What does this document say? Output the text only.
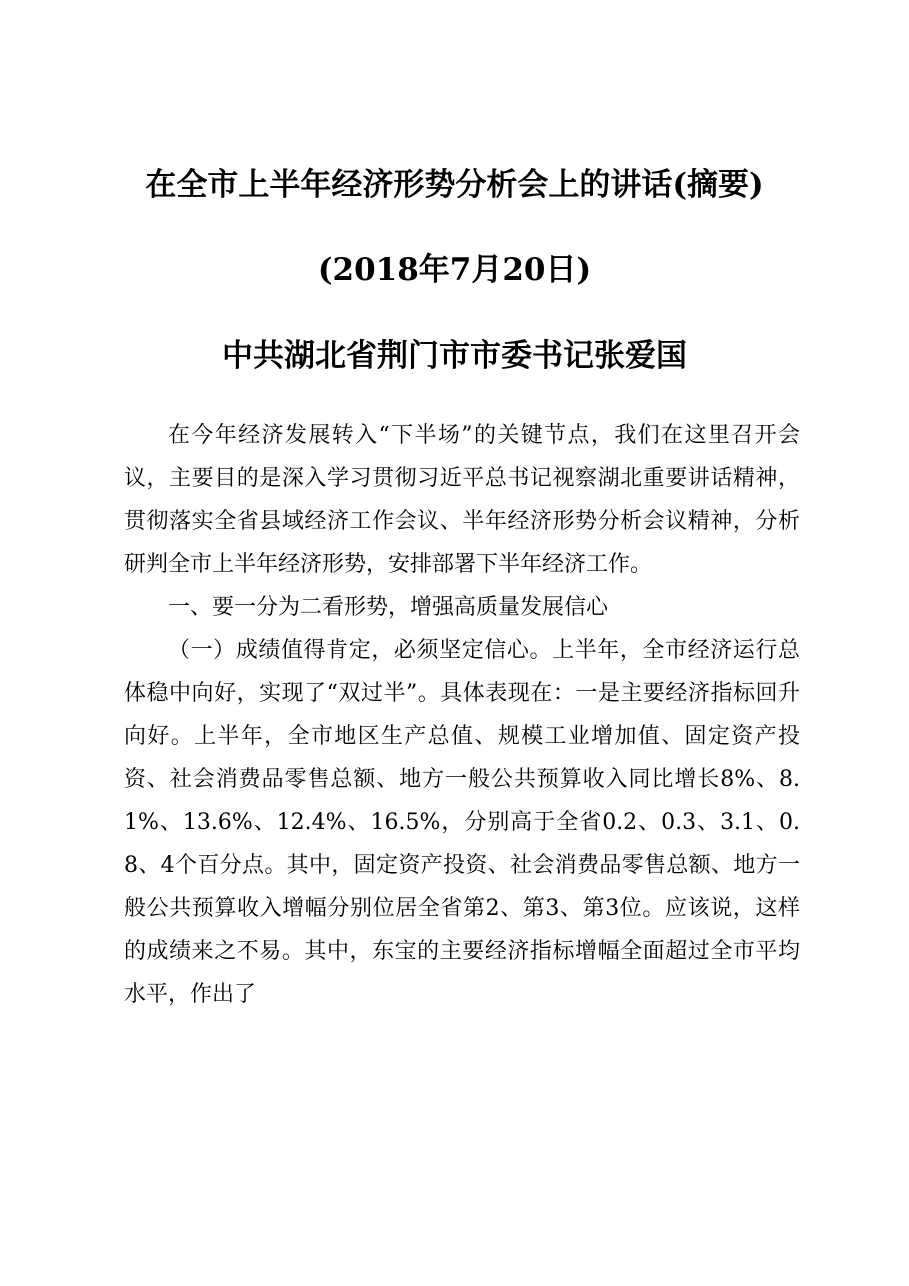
在全市上半年经济形势分析会上的讲话(摘要)
(2018年7月20日)
中共湖北省荆门市市委书记张爱国

在今年经济发展转入“下半场”的关键节点，我们在这里召开会议，主要目的是深入学习贯彻习近平总书记视察湖北重要讲话精神，贯彻落实全省县域经济工作会议、半年经济形势分析会议精神，分析研判全市上半年经济形势，安排部署下半年经济工作。

一、要一分为二看形势，增强高质量发展信心

（一）成绩值得肯定，必须坚定信心。上半年，全市经济运行总体稳中向好，实现了“双过半”。具体表现在：一是主要经济指标回升向好。上半年，全市地区生产总值、规模工业增加值、固定资产投资、社会消费品零售总额、地方一般公共预算收入同比增长8%、8.1%、13.6%、12.4%、16.5%，分别高于全省0.2、0.3、3.1、0.8、4个百分点。其中，固定资产投资、社会消费品零售总额、地方一般公共预算收入增幅分别位居全省第2、第3、第3位。应该说，这样的成绩来之不易。其中，东宝的主要经济指标增幅全面超过全市平均水平，作出了
